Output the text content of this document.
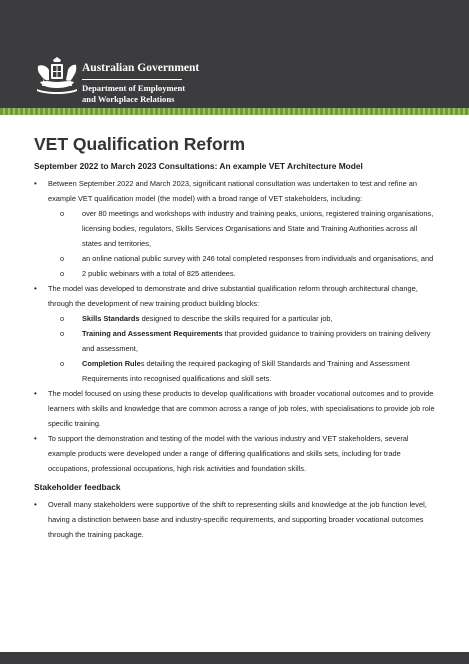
Australian Government

Department of Employment

and Workplace Relations

VET Qualification Reform

September 2022 to March 2023 Consultations: An example VET Architecture Model

• Between September 2022 and March 2023, significant national consultation was undertaken to test and refine an example VET qualification model (the model) with a broad range of VET stakeholders, including:
o over 80 meetings and workshops with industry and training peaks, unions, registered training organisations, licensing bodies, regulators, Skills Services Organisations and State and Training Authorities across all states and territories,
o an online national public survey with 246 total completed responses from individuals and organisations, and
o 2 public webinars with a total of 825 attendees.
• The model was developed to demonstrate and drive substantial qualification reform through architectural change, through the development of new training product building blocks:
o Skills Standards designed to describe the skills required for a particular job,
o Training and Assessment Requirements that provided guidance to training providers on training delivery and assessment,
o Completion Rules detailing the required packaging of Skill Standards and Training and Assessment Requirements into recognised qualifications and skill sets.
• The model focused on using these products to develop qualifications with broader vocational outcomes and to provide learners with skills and knowledge that are common across a range of job roles, with specialisations to provide job role specific training.
• To support the demonstration and testing of the model with the various industry and VET stakeholders, several example products were developed under a range of differing qualifications and skills sets, including for trade occupations, professional occupations, high risk activities and foundation skills.

Stakeholder feedback

• Overall many stakeholders were supportive of the shift to representing skills and knowledge at the job function level, having a distinction between base and industry-specific requirements, and supporting broader vocational outcomes through the training package.
